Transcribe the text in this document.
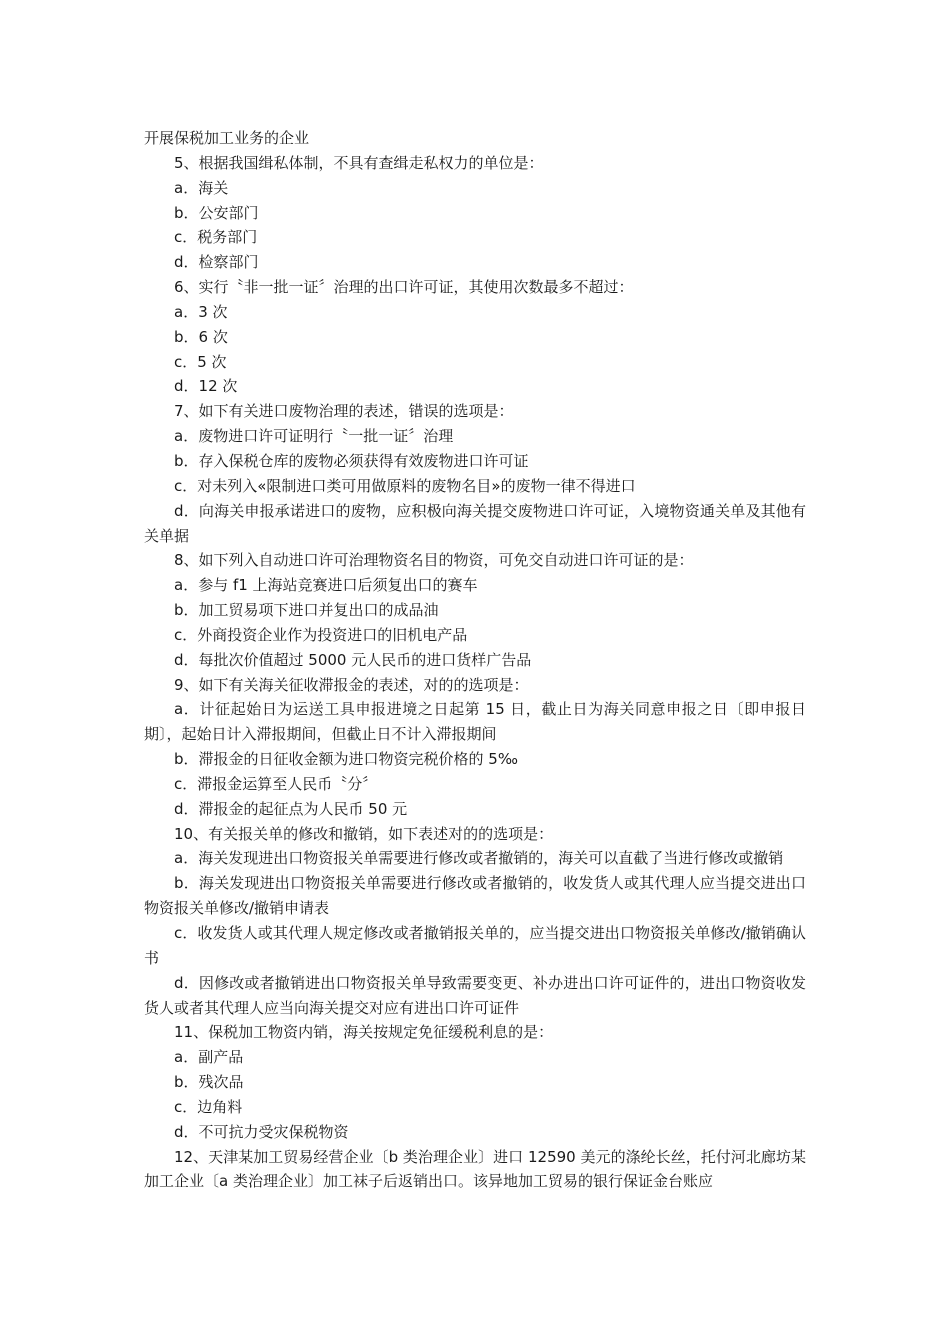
开展保税加工业务的企业

5、根据我国缉私体制，不具有查缉走私权力的单位是：

a．海关

b．公安部门

c．税务部门

d．检察部门

6、实行〝非一批一证〞治理的出口许可证，其使用次数最多不超过：

a．3 次

b．6 次

c．5 次

d．12 次

7、如下有关进口废物治理的表述，错误的选项是：

a．废物进口许可证明行〝一批一证〞治理

b．存入保税仓库的废物必须获得有效废物进口许可证

c．对未列入«限制进口类可用做原料的废物名目»的废物一律不得进口

d．向海关申报承诺进口的废物，应积极向海关提交废物进口许可证，入境物资通关单及其他有关单据

8、如下列入自动进口许可治理物资名目的物资，可免交自动进口许可证的是：

a．参与 f1 上海站竞赛进口后须复出口的赛车

b．加工贸易项下进口并复出口的成品油

c．外商投资企业作为投资进口的旧机电产品

d．每批次价值超过 5000 元人民币的进口货样广告品

9、如下有关海关征收滞报金的表述，对的的选项是：

a．计征起始日为运送工具申报进境之日起第 15 日，截止日为海关同意申报之日〔即申报日期〕，起始日计入滞报期间，但截止日不计入滞报期间

b．滞报金的日征收金额为进口物资完税价格的 5‰

c．滞报金运算至人民币〝分〞

d．滞报金的起征点为人民币 50 元

10、有关报关单的修改和撤销，如下表述对的的选项是：

a．海关发现进出口物资报关单需要进行修改或者撤销的，海关可以直截了当进行修改或撤销

b．海关发现进出口物资报关单需要进行修改或者撤销的，收发货人或其代理人应当提交进出口物资报关单修改/撤销申请表

c．收发货人或其代理人规定修改或者撤销报关单的，应当提交进出口物资报关单修改/撤销确认书

d．因修改或者撤销进出口物资报关单导致需要变更、补办进出口许可证件的，进出口物资收发货人或者其代理人应当向海关提交对应有进出口许可证件

11、保税加工物资内销，海关按规定免征缓税利息的是：

a．副产品

b．残次品

c．边角料

d．不可抗力受灾保税物资

12、天津某加工贸易经营企业〔b 类治理企业〕进口 12590 美元的涤纶长丝，托付河北廊坊某加工企业〔a 类治理企业〕加工袜子后返销出口。该异地加工贸易的银行保证金台账应
